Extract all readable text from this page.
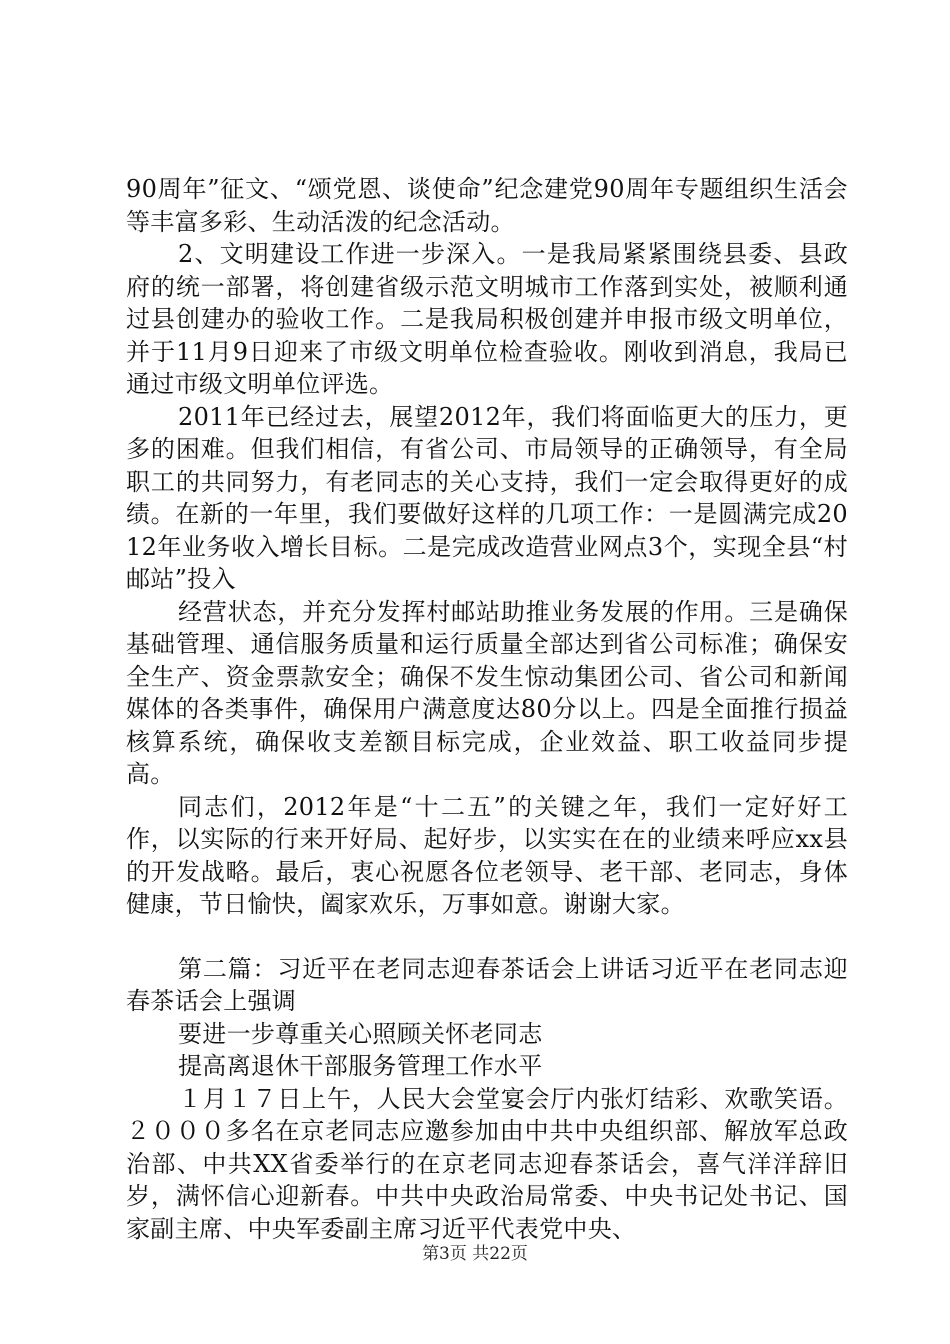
90周年”征文、“颂党恩、谈使命”纪念建党90周年专题组织生活会等丰富多彩、生动活泼的纪念活动。

2、文明建设工作进一步深入。一是我局紧紧围绕县委、县政府的统一部署，将创建省级示范文明城市工作落到实处，被顺利通过县创建办的验收工作。二是我局积极创建并申报市级文明单位，并于11月9日迎来了市级文明单位检查验收。刚收到消息，我局已通过市级文明单位评选。

2011年已经过去，展望2012年，我们将面临更大的压力，更多的困难。但我们相信，有省公司、市局领导的正确领导，有全局职工的共同努力，有老同志的关心支持，我们一定会取得更好的成绩。在新的一年里，我们要做好这样的几项工作：一是圆满完成2012年业务收入增长目标。二是完成改造营业网点3个，实现全县“村邮站”投入

经营状态，并充分发挥村邮站助推业务发展的作用。三是确保基础管理、通信服务质量和运行质量全部达到省公司标准；确保安全生产、资金票款安全；确保不发生惊动集团公司、省公司和新闻媒体的各类事件，确保用户满意度达80分以上。四是全面推行损益核算系统，确保收支差额目标完成，企业效益、职工收益同步提高。

同志们，2012年是“十二五”的关键之年，我们一定好好工作，以实际的行来开好局、起好步，以实实在在的业绩来呼应xx县的开发战略。最后，衷心祝愿各位老领导、老干部、老同志，身体健康，节日愉快，阖家欢乐，万事如意。谢谢大家。

第二篇：习近平在老同志迎春茶话会上讲话习近平在老同志迎春茶话会上强调

要进一步尊重关心照顾关怀老同志

提高离退休干部服务管理工作水平

１月１７日上午，人民大会堂宴会厅内张灯结彩、欢歌笑语。２０００多名在京老同志应邀参加由中共中央组织部、解放军总政治部、中共XX省委举行的在京老同志迎春茶话会，喜气洋洋辞旧岁，满怀信心迎新春。中共中央政治局常委、中央书记处书记、国家副主席、中央军委副主席习近平代表党中央、

第3页 共22页
